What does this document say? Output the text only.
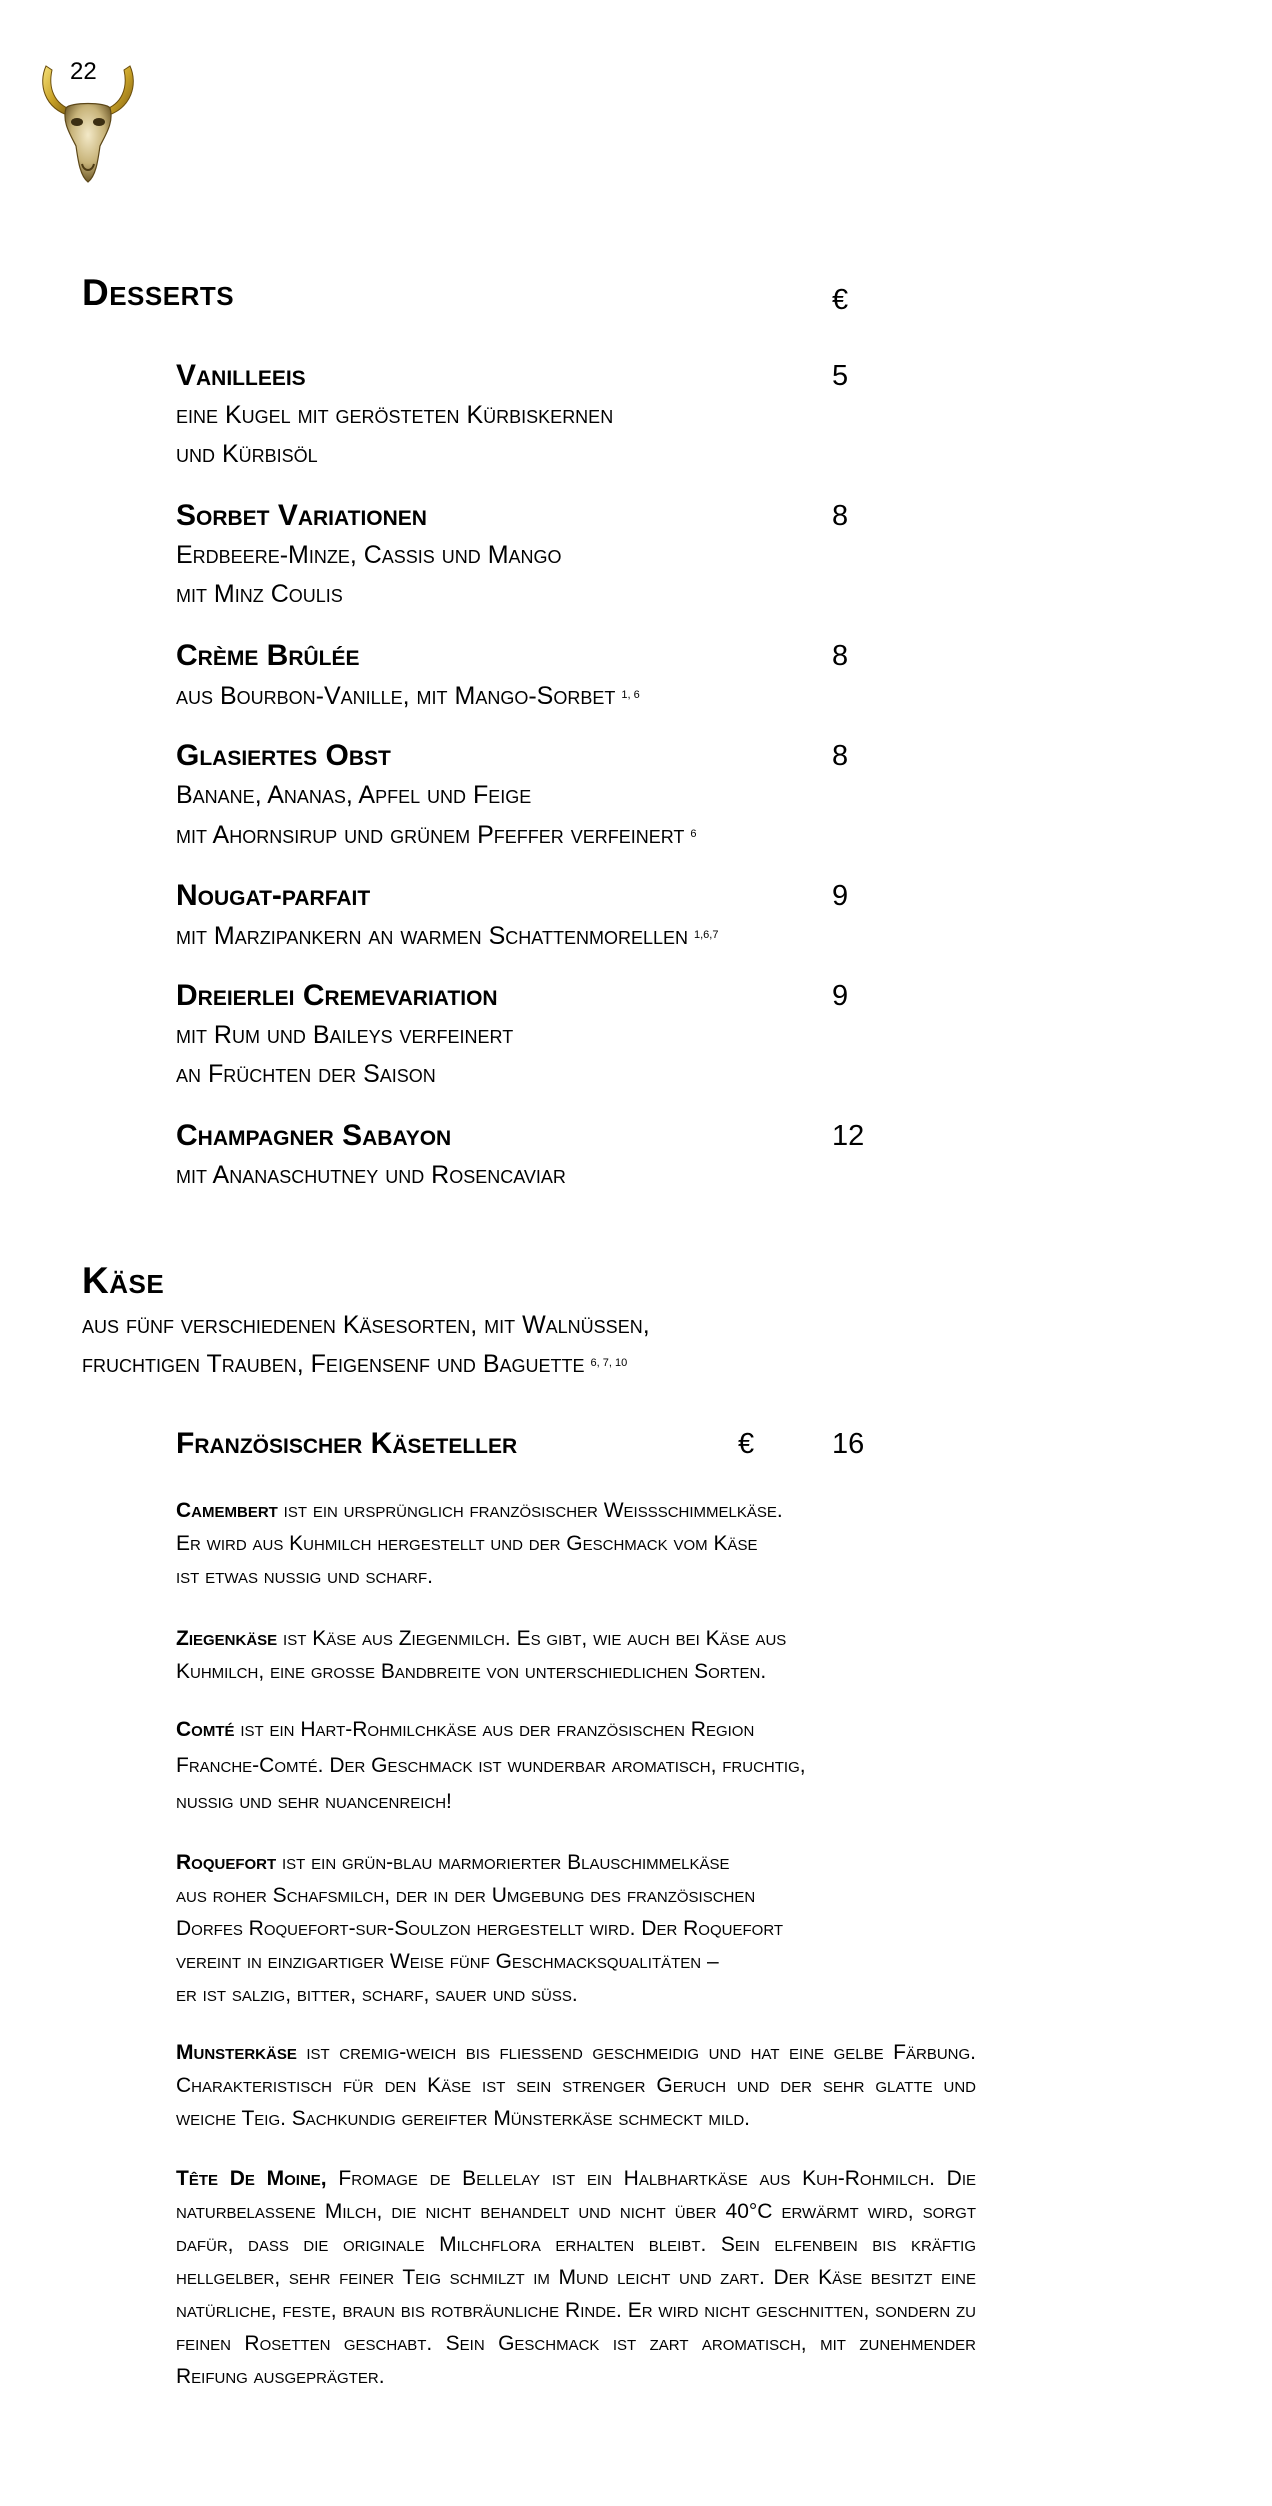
22
Desserts	€
Vanilleeis	5
eine Kugel mit gerösteten Kürbiskernen
und Kürbisöl
Sorbet Variationen	8
Erdbeere-Minze, Cassis und Mango
mit Minz Coulis
Crème Brûlée	8
aus Bourbon-Vanille, mit Mango-Sorbet $^{1, 6}$
Glasiertes Obst	8
Banane, Ananas, Apfel und Feige
mit Ahornsirup und grünem Pfeffer verfeinert $^6$
Nougat-parfait	9
mit Marzipankern an warmen Schattenmorellen $^{1,6,7}$
Dreierlei Cremevariation	9
mit Rum und Baileys verfeinert
an Früchten der Saison
Champagner Sabayon	12
mit Ananaschutney und Rosencaviar
Käse
aus fünf verschiedenen Käsesorten, mit Walnüssen,
fruchtigen Trauben, Feigensenf und Baguette $^{6, 7, 10}$
Französischer Käseteller	€	16
Camembert ist ein ursprünglich französischer Weißschimmelkäse.
Er wird aus Kuhmilch hergestellt und der Geschmack vom Käse
ist etwas nussig und scharf.
Ziegenkäse ist Käse aus Ziegenmilch. Es gibt, wie auch bei Käse aus
Kuhmilch, eine große Bandbreite von unterschiedlichen Sorten.
Comté ist ein Hart-Rohmilchkäse aus der französischen Region
Franche-Comté. Der Geschmack ist wunderbar aromatisch, fruchtig,
nussig und sehr nuancenreich!
Roquefort ist ein grün-blau marmorierter Blauschimmelkäse
aus roher Schafsmilch, der in der Umgebung des französischen
Dorfes Roquefort-sur-Soulzon hergestellt wird. Der Roquefort
vereint in einzigartiger Weise fünf Geschmacksqualitäten –
er ist salzig, bitter, scharf, sauer und süß.
Munsterkäse ist cremig-weich bis fließend geschmeidig und hat eine gelbe Färbung. Charakteristisch für den Käse ist sein strenger Geruch und der sehr glatte und weiche Teig. Sachkundig gereifter Münsterkäse schmeckt mild.
Tête De Moine, Fromage de Bellelay ist ein Halbhartkäse aus Kuh-Rohmilch. Die naturbelassene Milch, die nicht behandelt und nicht über 40°C erwärmt wird, sorgt dafür, dass die originale Milchflora erhalten bleibt. Sein elfenbein bis kräftig hellgelber, sehr feiner Teig schmilzt im Mund leicht und zart. Der Käse besitzt eine natürliche, feste, braun bis rotbräunliche Rinde. Er wird nicht geschnitten, sondern zu feinen Rosetten geschabt. Sein Geschmack ist zart aromatisch, mit zunehmender Reifung ausgeprägter.
